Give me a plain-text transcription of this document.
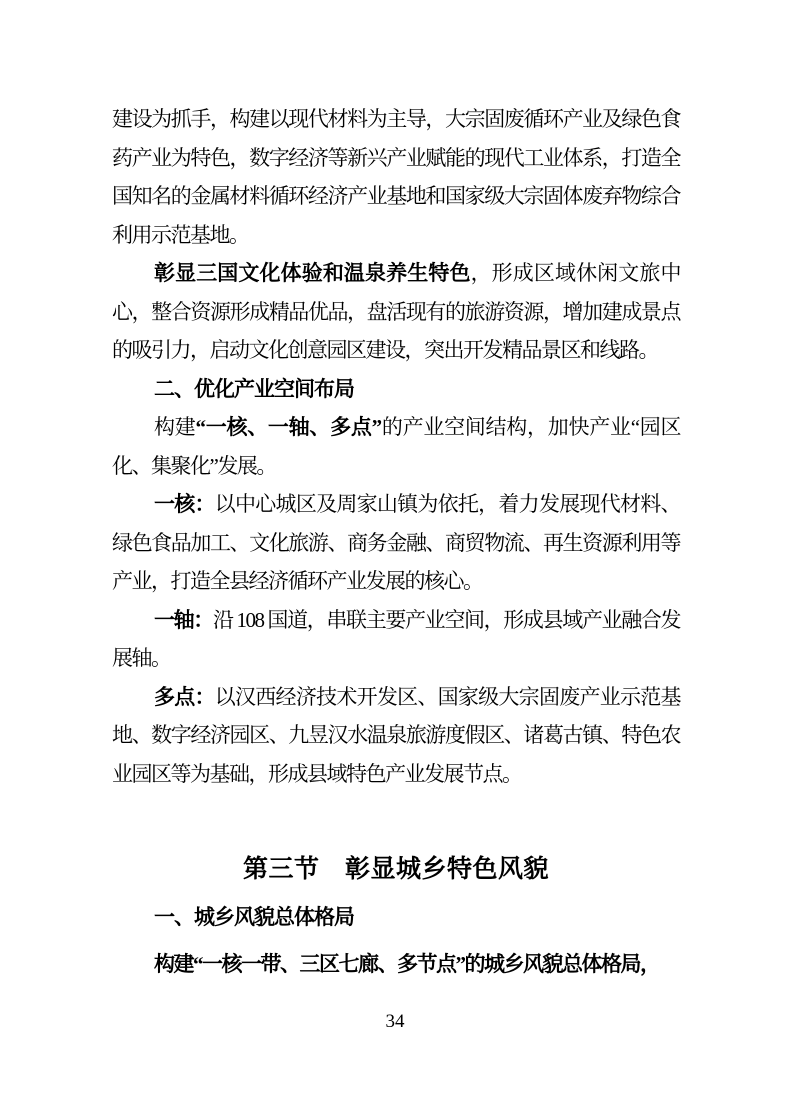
建设为抓手，构建以现代材料为主导，大宗固废循环产业及绿色食药产业为特色，数字经济等新兴产业赋能的现代工业体系，打造全国知名的金属材料循环经济产业基地和国家级大宗固体废弃物综合利用示范基地。

彰显三国文化体验和温泉养生特色，形成区域休闲文旅中心，整合资源形成精品优品，盘活现有的旅游资源，增加建成景点的吸引力，启动文化创意园区建设，突出开发精品景区和线路。

二、优化产业空间布局

构建“一核、一轴、多点”的产业空间结构，加快产业“园区化、集聚化”发展。

一核：以中心城区及周家山镇为依托，着力发展现代材料、绿色食品加工、文化旅游、商务金融、商贸物流、再生资源利用等产业，打造全县经济循环产业发展的核心。

一轴：沿 108 国道，串联主要产业空间，形成县域产业融合发展轴。

多点：以汉西经济技术开发区、国家级大宗固废产业示范基地、数字经济园区、九昱汉水温泉旅游度假区、诸葛古镇、特色农业园区等为基础，形成县域特色产业发展节点。

第三节　彰显城乡特色风貌

一、城乡风貌总体格局

构建“一核一带、三区七廊、多节点”的城乡风貌总体格局，

34
